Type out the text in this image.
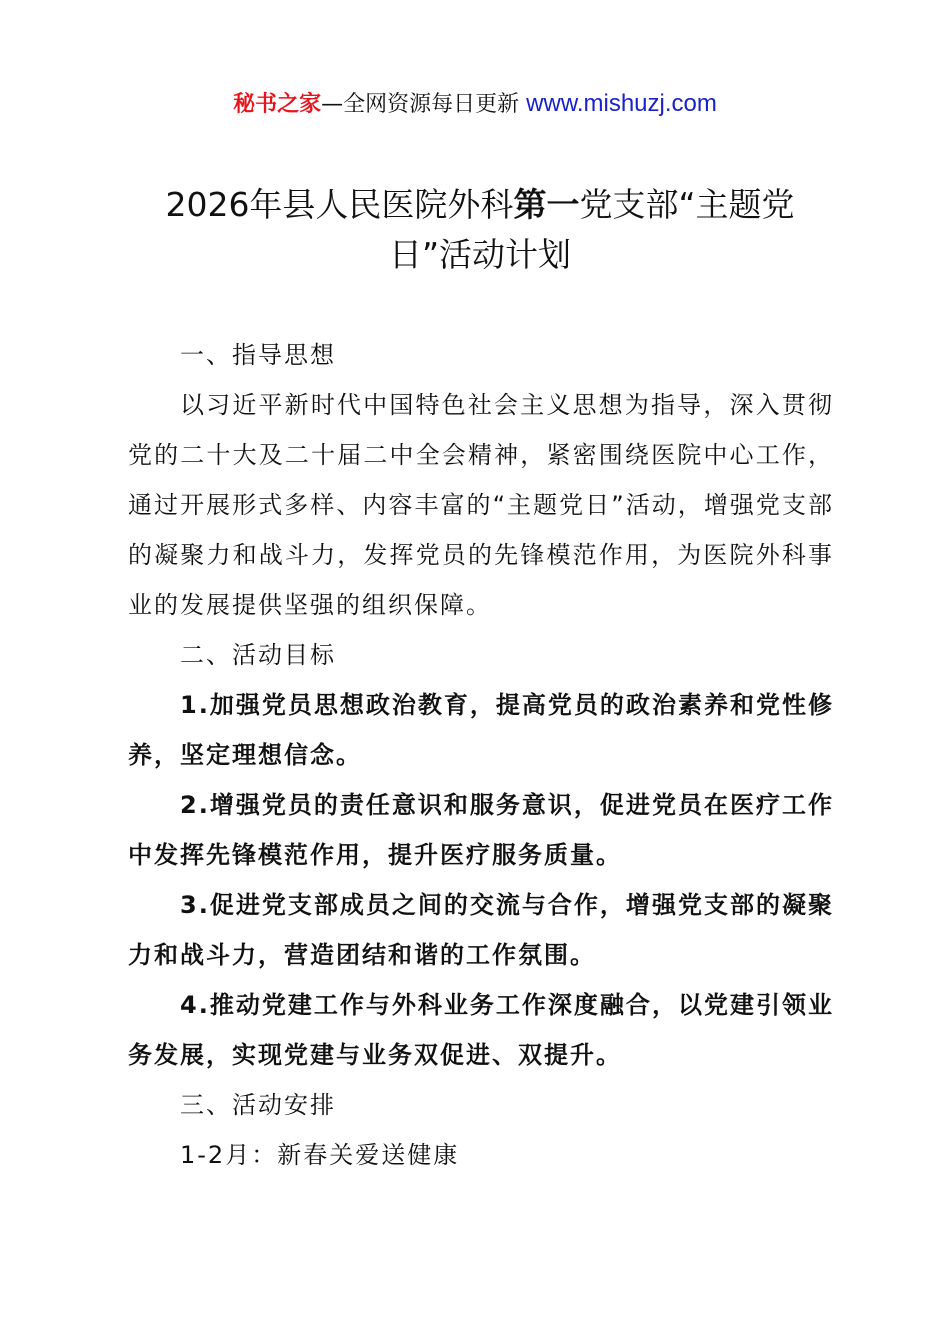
秘书之家—全网资源每日更新 www.mishuzj.com
2026年县人民医院外科第一党支部“主题党日”活动计划

一、指导思想

以习近平新时代中国特色社会主义思想为指导，深入贯彻党的二十大及二十届二中全会精神，紧密围绕医院中心工作，通过开展形式多样、内容丰富的“主题党日”活动，增强党支部的凝聚力和战斗力，发挥党员的先锋模范作用，为医院外科事业的发展提供坚强的组织保障。

二、活动目标

1.加强党员思想政治教育，提高党员的政治素养和党性修养，坚定理想信念。

2.增强党员的责任意识和服务意识，促进党员在医疗工作中发挥先锋模范作用，提升医疗服务质量。

3.促进党支部成员之间的交流与合作，增强党支部的凝聚力和战斗力，营造团结和谐的工作氛围。

4.推动党建工作与外科业务工作深度融合，以党建引领业务发展，实现党建与业务双促进、双提升。

三、活动安排

1-2月：新春关爱送健康
